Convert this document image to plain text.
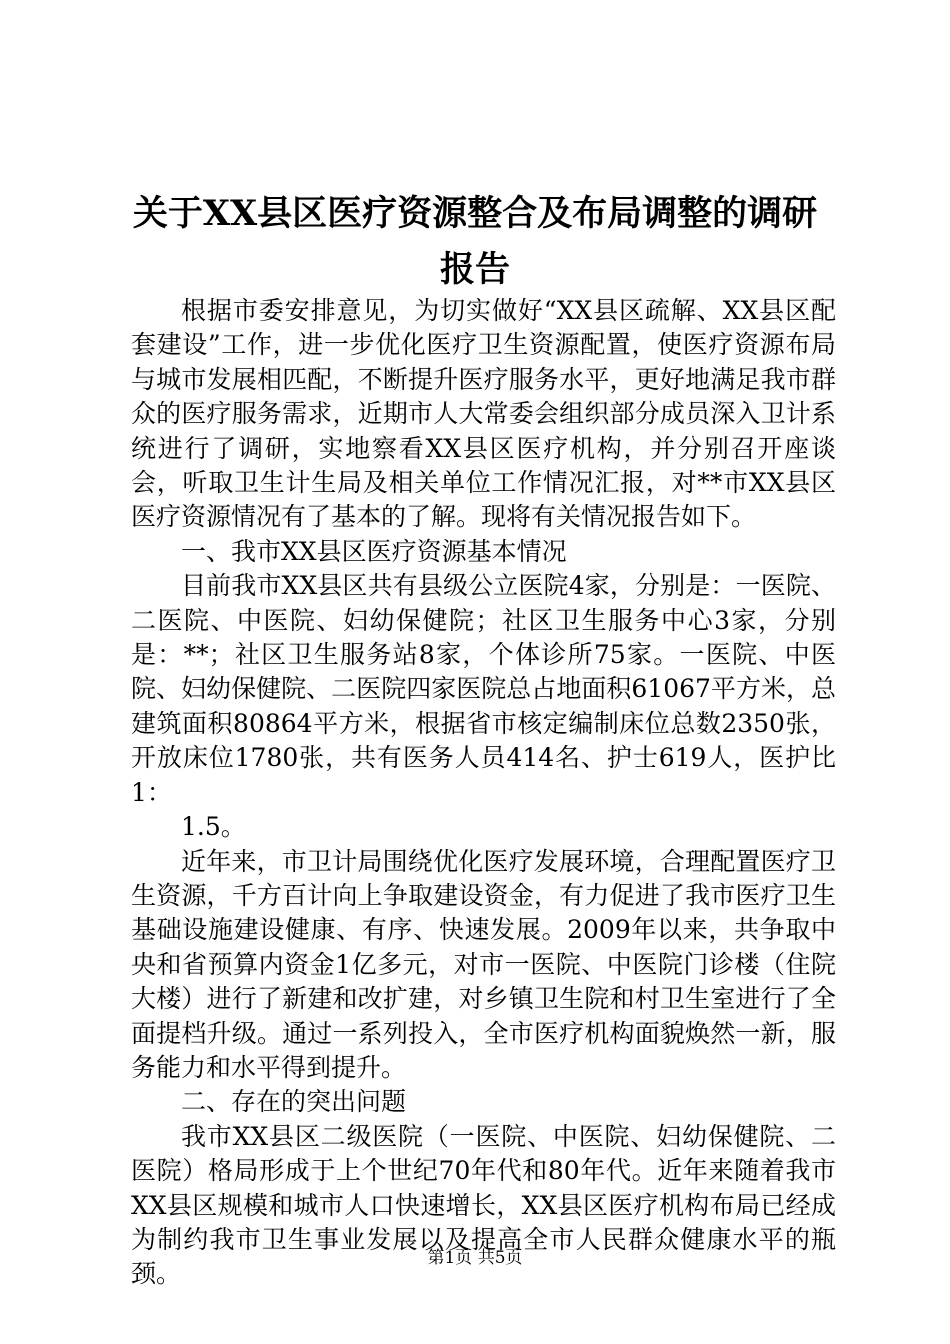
关于XX县区医疗资源整合及布局调整的调研报告

根据市委安排意见，为切实做好“XX县区疏解、XX县区配套建设”工作，进一步优化医疗卫生资源配置，使医疗资源布局与城市发展相匹配，不断提升医疗服务水平，更好地满足我市群众的医疗服务需求，近期市人大常委会组织部分成员深入卫计系统进行了调研，实地察看XX县区医疗机构，并分别召开座谈会，听取卫生计生局及相关单位工作情况汇报，对**市XX县区医疗资源情况有了基本的了解。现将有关情况报告如下。

一、我市XX县区医疗资源基本情况

目前我市XX县区共有县级公立医院4家，分别是：一医院、二医院、中医院、妇幼保健院；社区卫生服务中心3家，分别是：**；社区卫生服务站8家，个体诊所75家。一医院、中医院、妇幼保健院、二医院四家医院总占地面积61067平方米，总建筑面积80864平方米，根据省市核定编制床位总数2350张，开放床位1780张，共有医务人员414名、护士619人，医护比1：

1.5。

近年来，市卫计局围绕优化医疗发展环境，合理配置医疗卫生资源，千方百计向上争取建设资金，有力促进了我市医疗卫生基础设施建设健康、有序、快速发展。2009年以来，共争取中央和省预算内资金1亿多元，对市一医院、中医院门诊楼（住院大楼）进行了新建和改扩建，对乡镇卫生院和村卫生室进行了全面提档升级。通过一系列投入，全市医疗机构面貌焕然一新，服务能力和水平得到提升。

二、存在的突出问题

我市XX县区二级医院（一医院、中医院、妇幼保健院、二医院）格局形成于上个世纪70年代和80年代。近年来随着我市XX县区规模和城市人口快速增长，XX县区医疗机构布局已经成为制约我市卫生事业发展以及提高全市人民群众健康水平的瓶颈。

第1页 共5页
